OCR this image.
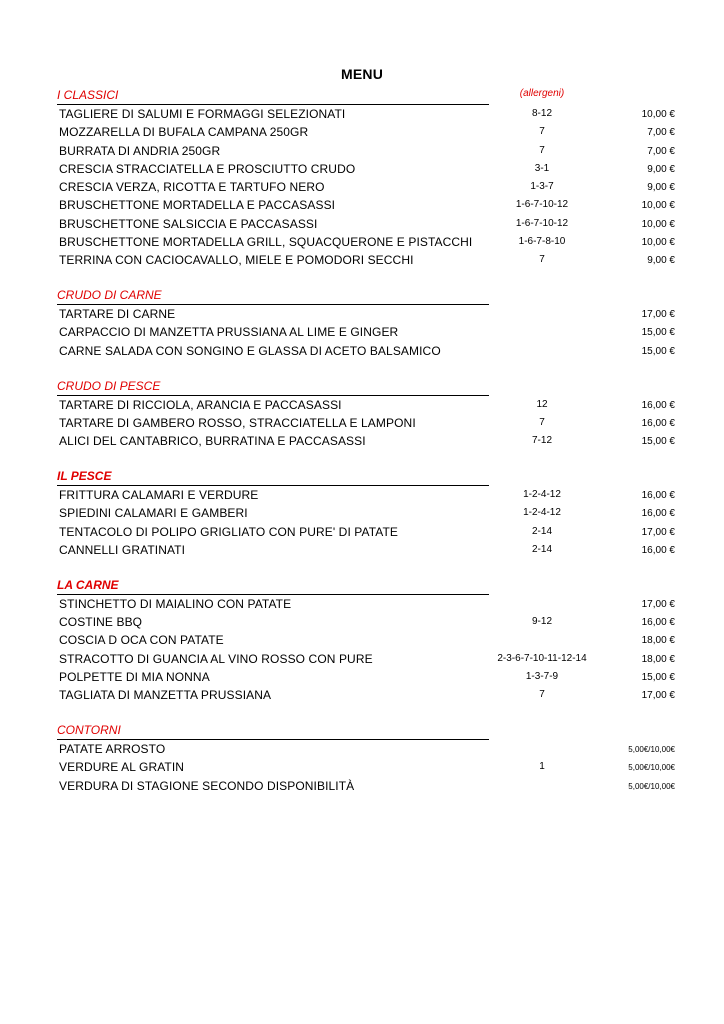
MENU
I CLASSICI	(allergeni)
TAGLIERE DI SALUMI E FORMAGGI SELEZIONATI	8-12	10,00 €
MOZZARELLA DI BUFALA CAMPANA 250GR	7	7,00 €
BURRATA DI ANDRIA 250GR	7	7,00 €
CRESCIA STRACCIATELLA E PROSCIUTTO CRUDO	3-1	9,00 €
CRESCIA VERZA, RICOTTA E TARTUFO NERO	1-3-7	9,00 €
BRUSCHETTONE MORTADELLA E PACCASASSI	1-6-7-10-12	10,00 €
BRUSCHETTONE SALSICCIA E PACCASASSI	1-6-7-10-12	10,00 €
BRUSCHETTONE MORTADELLA GRILL, SQUACQUERONE E PISTACCHI	1-6-7-8-10	10,00 €
TERRINA CON CACIOCAVALLO, MIELE E POMODORI SECCHI	7	9,00 €
CRUDO DI CARNE
TARTARE DI CARNE	17,00 €
CARPACCIO DI MANZETTA PRUSSIANA AL LIME E GINGER	15,00 €
CARNE SALADA CON SONGINO E GLASSA DI ACETO BALSAMICO	15,00 €
CRUDO DI PESCE
TARTARE DI RICCIOLA, ARANCIA E PACCASASSI	12	16,00 €
TARTARE DI GAMBERO ROSSO, STRACCIATELLA E LAMPONI	7	16,00 €
ALICI DEL CANTABRICO, BURRATINA E PACCASASSI	7-12	15,00 €
IL PESCE
FRITTURA CALAMARI E VERDURE	1-2-4-12	16,00 €
SPIEDINI CALAMARI E GAMBERI	1-2-4-12	16,00 €
TENTACOLO DI POLIPO GRIGLIATO CON PURE' DI PATATE	2-14	17,00 €
CANNELLI GRATINATI	2-14	16,00 €
LA CARNE
STINCHETTO DI MAIALINO CON PATATE	17,00 €
COSTINE BBQ	9-12	16,00 €
COSCIA D OCA CON PATATE	18,00 €
STRACOTTO DI GUANCIA AL VINO ROSSO CON PURE	2-3-6-7-10-11-12-14	18,00 €
POLPETTE DI MIA NONNA	1-3-7-9	15,00 €
TAGLIATA DI MANZETTA PRUSSIANA	7	17,00 €
CONTORNI
PATATE ARROSTO	5,00€/10,00€
VERDURE AL GRATIN	1	5,00€/10,00€
VERDURA DI STAGIONE SECONDO DISPONIBILITÀ	5,00€/10,00€
